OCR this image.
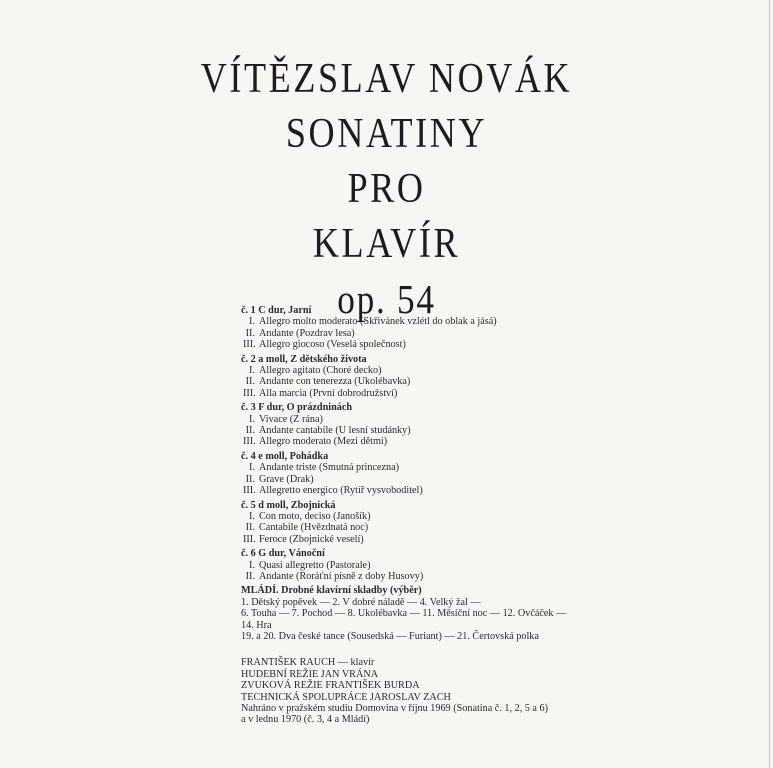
VÍTĚZSLAV NOVÁK
SONATINY
PRO
KLAVÍR
op. 54
č. 1 C dur, Jarní
I. Allegro molto moderato (Skřivánek vzlétl do oblak a jásá)
II. Andante (Pozdrav lesa)
III. Allegro giocoso (Veselá společnost)
č. 2 a moll, Z dětského života
I. Allegro agitato (Choré decko)
II. Andante con tenerezza (Ukolébavka)
III. Alla marcia (První dobrodružství)
č. 3 F dur, O prázdninách
I. Vivace (Z rána)
II. Andante cantabile (U lesní studánky)
III. Allegro moderato (Mezi dětmi)
č. 4 e moll, Pohádka
I. Andante triste (Smutná princezna)
II. Grave (Drak)
III. Allegretto energico (Rytíř vysvoboditel)
č. 5 d moll, Zbojnická
I. Con moto, deciso (Janošík)
II. Cantabile (Hvězdnatá noc)
III. Feroce (Zbojnické veselí)
č. 6 G dur, Vánoční
I. Quasi allegretto (Pastorale)
II. Andante (Roráťní písně z doby Husovy)
MLÁDÍ. Drobné klavírní skladby (výběr)
1. Dětský popěvek — 2. V dobré náladě — 4. Velký žal —
6. Touha — 7. Pochod — 8. Ukolébavka — 11. Měsíční noc — 12. Ovčáček —
14. Hra
19. a 20. Dva české tance (Sousedská — Furiant) — 21. Čertovská polka
FRANTIŠEK RAUCH — klavír
HUDEBNÍ REŽIE JAN VRÁNA
ZVUKOVÁ REŽIE FRANTIŠEK BURDA
TECHNICKÁ SPOLUPRÁCE JAROSLAV ZACH
Nahráno v pražském studiu Domovina v říjnu 1969 (Sonatina č. 1, 2, 5 a 6)
a v lednu 1970 (č. 3, 4 a Mládí)
